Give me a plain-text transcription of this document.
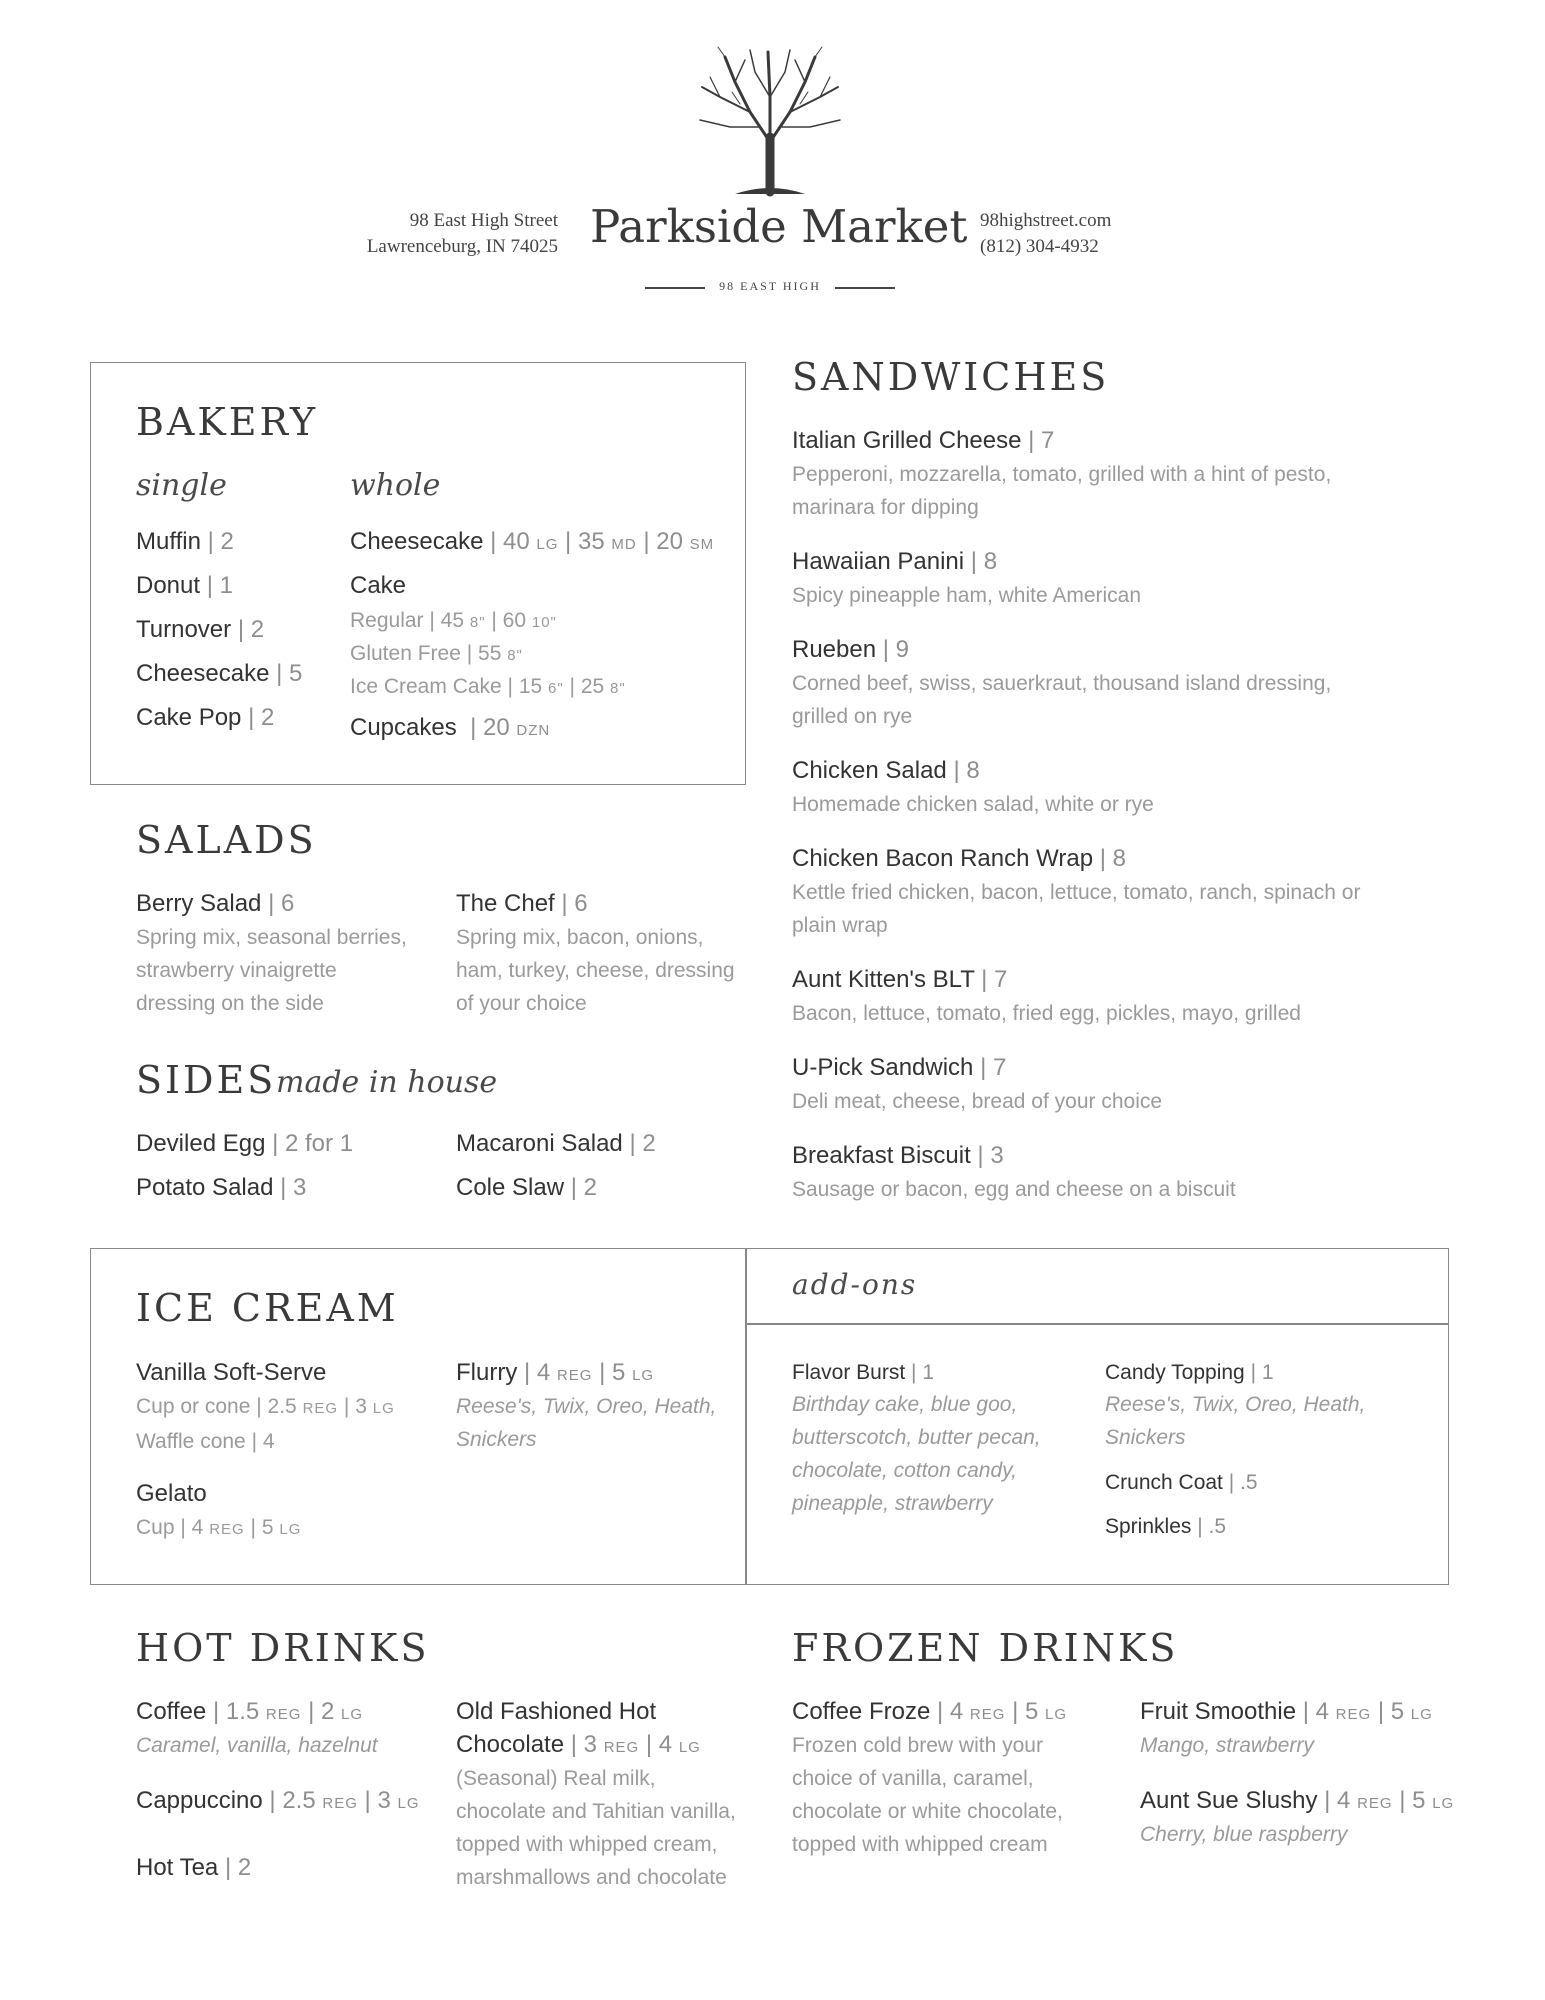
98 East High Street
Lawrenceburg, IN 74025 Parkside Market
98 EAST HIGH
98highstreet.com
(812) 304-4932
BAKERY
single	whole
Muffin | 2
Donut | 1
Turnover | 2
Cheesecake | 5
Cake Pop | 2
Cheesecake | 40 LG | 35 MD | 20 SM
Cake
Regular | 45 8" | 60 10"
Gluten Free | 55 8"
Ice Cream Cake | 15 6" | 25 8"
Cupcakes  | 20 DZN
SALADS
Berry Salad | 6
Spring mix, seasonal berries,
strawberry vinaigrette
dressing on the side
The Chef | 6
Spring mix, bacon, onions,
ham, turkey, cheese, dressing
of your choice
SIDES made in house
Deviled Egg | 2 for 1
Potato Salad | 3
Macaroni Salad | 2
Cole Slaw | 2
SANDWICHES
Italian Grilled Cheese | 7
Pepperoni, mozzarella, tomato, grilled with a hint of pesto,
marinara for dipping
Hawaiian Panini | 8
Spicy pineapple ham, white American
Rueben | 9
Corned beef, swiss, sauerkraut, thousand island dressing,
grilled on rye
Chicken Salad | 8
Homemade chicken salad, white or rye
Chicken Bacon Ranch Wrap | 8
Kettle fried chicken, bacon, lettuce, tomato, ranch, spinach or
plain wrap
Aunt Kitten's BLT | 7
Bacon, lettuce, tomato, fried egg, pickles, mayo, grilled
U-Pick Sandwich | 7
Deli meat, cheese, bread of your choice
Breakfast Biscuit | 3
Sausage or bacon, egg and cheese on a biscuit
ICE CREAM
Vanilla Soft-Serve
Cup or cone | 2.5 REG | 3 LG
Waffle cone | 4
Gelato
Cup | 4 REG | 5 LG
Flurry | 4 REG | 5 LG
Reese's, Twix, Oreo, Heath,
Snickers
add-ons
Flavor Burst | 1
Birthday cake, blue goo,
butterscotch, butter pecan,
chocolate, cotton candy,
pineapple, strawberry
Candy Topping | 1
Reese's, Twix, Oreo, Heath,
Snickers
Crunch Coat | .5
Sprinkles | .5
HOT DRINKS
Coffee | 1.5 REG | 2 LG
Caramel, vanilla, hazelnut
Cappuccino | 2.5 REG | 3 LG
Hot Tea | 2
Old Fashioned Hot
Chocolate | 3 REG | 4 LG
(Seasonal) Real milk,
chocolate and Tahitian vanilla,
topped with whipped cream,
marshmallows and chocolate
FROZEN DRINKS
Coffee Froze | 4 REG | 5 LG
Frozen cold brew with your
choice of vanilla, caramel,
chocolate or white chocolate,
topped with whipped cream
Fruit Smoothie | 4 REG | 5 LG
Mango, strawberry
Aunt Sue Slushy | 4 REG | 5 LG
Cherry, blue raspberry
